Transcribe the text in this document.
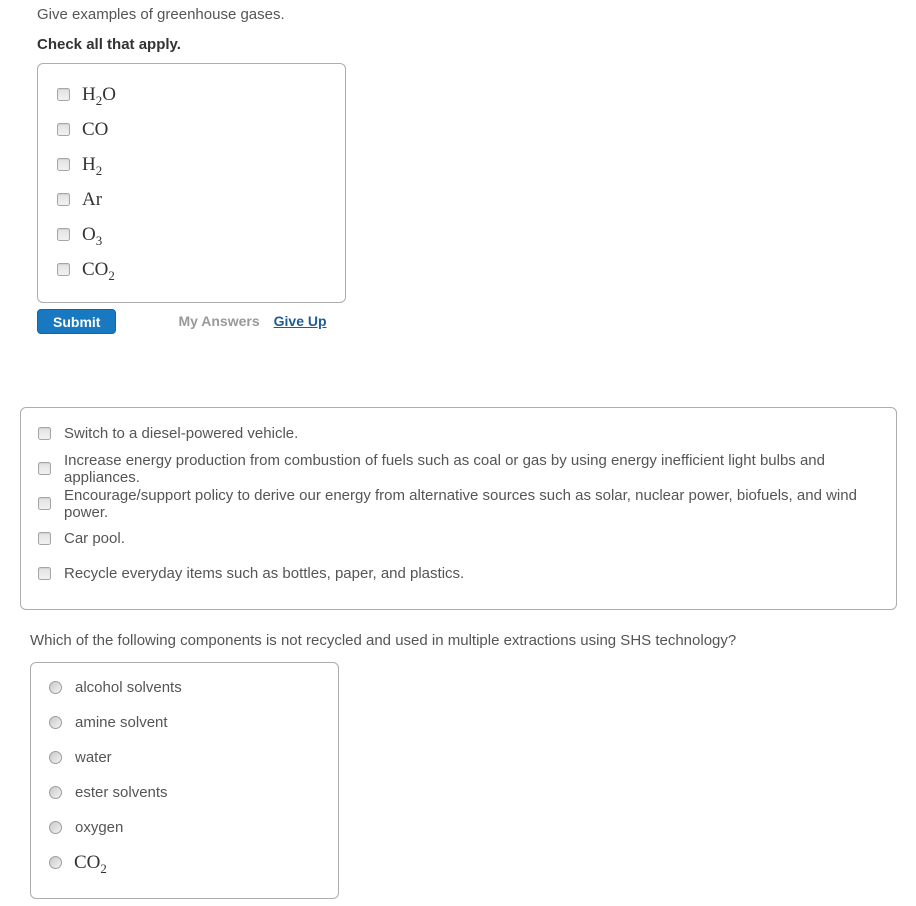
Give examples of greenhouse gases.
Check all that apply.
$H_2O$
CO
$H_2$
Ar
$O_3$
$CO_2$
Submit	My Answers Give Up
Switch to a diesel-powered vehicle.
Increase energy production from combustion of fuels such as coal or gas by using energy inefficient light bulbs and appliances.
Encourage/support policy to derive our energy from alternative sources such as solar, nuclear power, biofuels, and wind power.
Car pool.
Recycle everyday items such as bottles, paper, and plastics.
Which of the following components is not recycled and used in multiple extractions using SHS technology?
alcohol solvents
amine solvent
water
ester solvents
oxygen
$CO_2$
